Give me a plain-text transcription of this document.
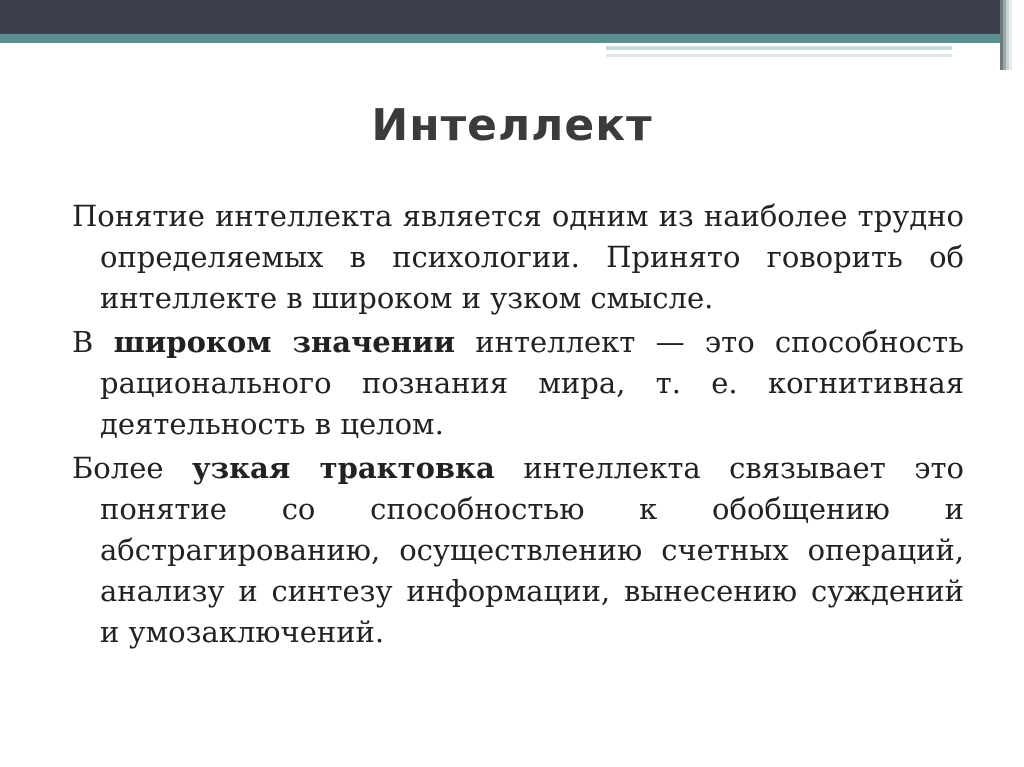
Интеллект

Понятие интеллекта является одним из наиболее трудно определяемых в психологии. Принято говорить об интеллекте в широком и узком смысле.

В широком значении интеллект — это способность рационального познания мира, т. е. когнитивная деятельность в целом.

Более узкая трактовка интеллекта связывает это понятие со способностью к обобщению и абстрагированию, осуществлению счетных операций, анализу и синтезу информации, вынесению суждений и умозаключений.
